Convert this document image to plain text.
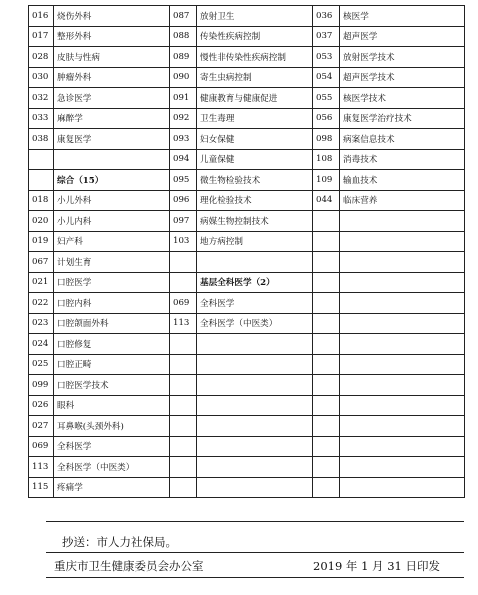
016	烧伤外科	087	放射卫生	036	核医学
017	整形外科	088	传染性疾病控制	037	超声医学
028	皮肤与性病	089	慢性非传染性疾病控制	053	放射医学技术
030	肿瘤外科	090	寄生虫病控制	054	超声医学技术
032	急诊医学	091	健康教育与健康促进	055	核医学技术
033	麻醉学	092	卫生毒理	056	康复医学治疗技术
038	康复医学	093	妇女保健	098	病案信息技术
		094	儿童保健	108	消毒技术
	综合（15）	095	微生物检验技术	109	输血技术
018	小儿外科	096	理化检验技术	044	临床营养
020	小儿内科	097	病媒生物控制技术		
019	妇产科	103	地方病控制		
067	计划生育				
021	口腔医学		基层全科医学（2）		
022	口腔内科	069	全科医学		
023	口腔颌面外科	113	全科医学（中医类）		
024	口腔修复				
025	口腔正畸				
099	口腔医学技术				
026	眼科				
027	耳鼻喉(头颈外科)				
069	全科医学				
113	全科医学（中医类）				
115	疼痛学				
抄送：市人力社保局。
重庆市卫生健康委员会办公室	2019 年 1 月 31 日印发
